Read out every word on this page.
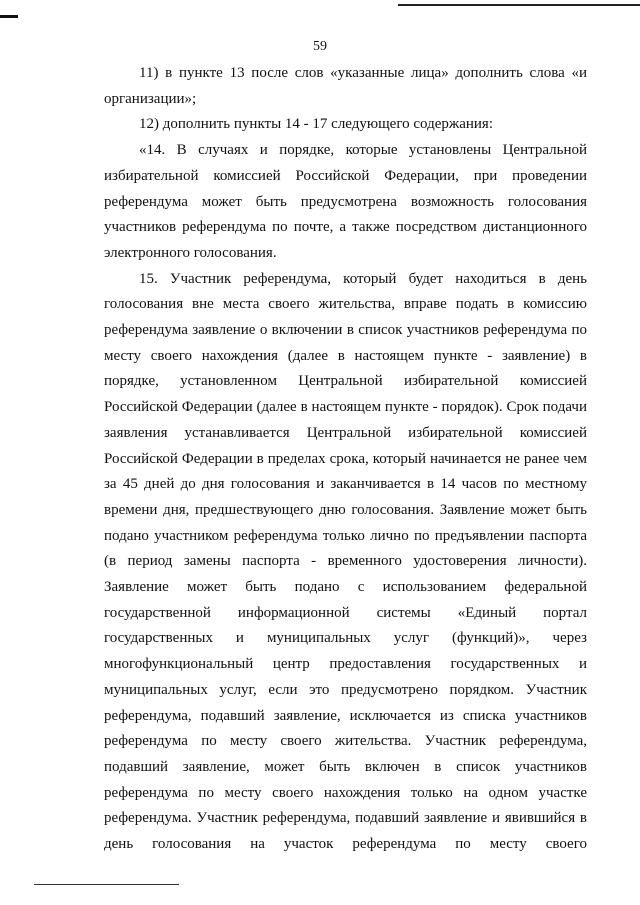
59

11) в пункте 13 после слов «указанные лица» дополнить слова «и организации»;

12) дополнить пункты 14 - 17 следующего содержания:

«14. В случаях и порядке, которые установлены Центральной избирательной комиссией Российской Федерации, при проведении референдума может быть предусмотрена возможность голосования участников референдума по почте, а также посредством дистанционного электронного голосования.

15. Участник референдума, который будет находиться в день голосования вне места своего жительства, вправе подать в комиссию референдума заявление о включении в список участников референдума по месту своего нахождения (далее в настоящем пункте - заявление) в порядке, установленном Центральной избирательной комиссией Российской Федерации (далее в настоящем пункте - порядок). Срок подачи заявления устанавливается Центральной избирательной комиссией Российской Федерации в пределах срока, который начинается не ранее чем за 45 дней до дня голосования и заканчивается в 14 часов по местному времени дня, предшествующего дню голосования. Заявление может быть подано участником референдума только лично по предъявлении паспорта (в период замены паспорта - временного удостоверения личности). Заявление может быть подано с использованием федеральной государственной информационной системы «Единый портал государственных и муниципальных услуг (функций)», через многофункциональный центр предоставления государственных и муниципальных услуг, если это предусмотрено порядком. Участник референдума, подавший заявление, исключается из списка участников референдума по месту своего жительства. Участник референдума, подавший заявление, может быть включен в список участников референдума по месту своего нахождения только на одном участке референдума. Участник референдума, подавший заявление и явившийся в день голосования на участок референдума по месту своего
